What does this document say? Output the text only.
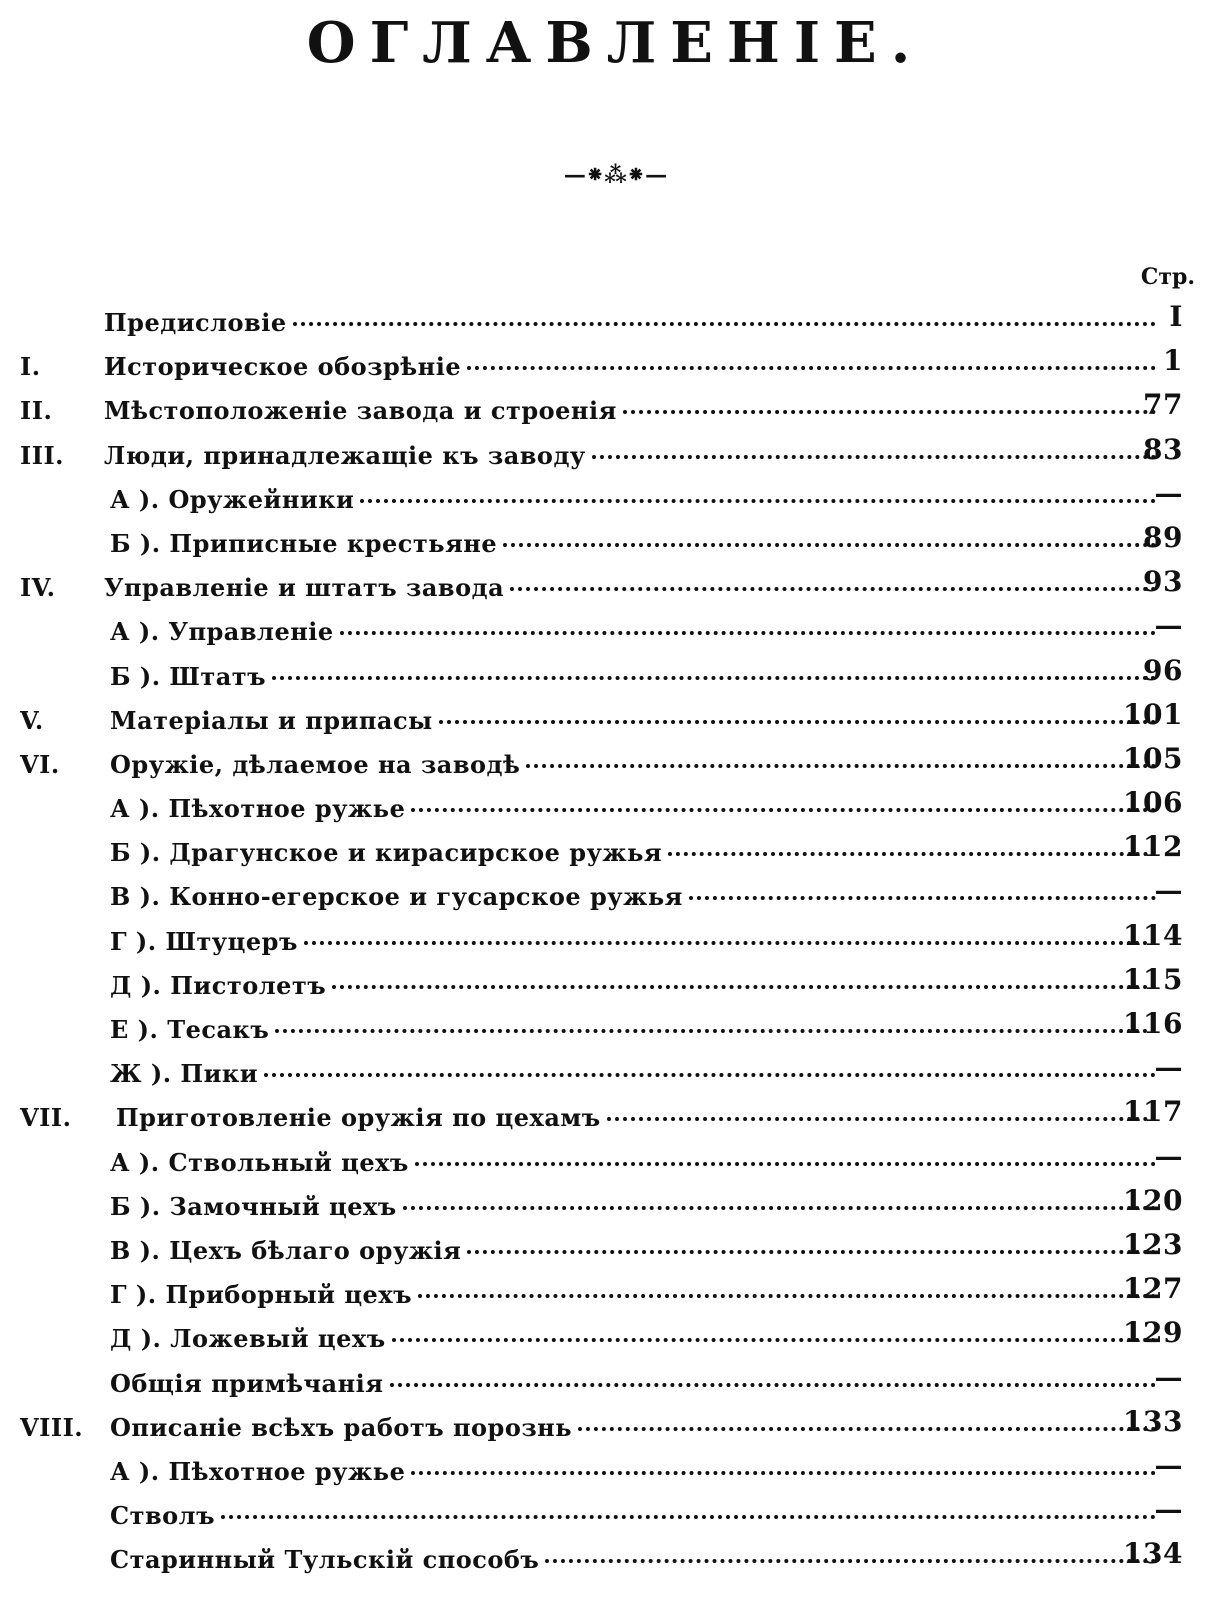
ОГЛАВЛЕНІЕ.
—⁕⁂⁕—
Стр.
Предисловіе	I
I.	Историческое обозрѣніе	1
II. Мѣстоположеніе завода и строенія	77
III. Люди, принадлежащіе къ заводу	83
А ). Оружейники	—
Б ). Приписные крестьяне	89
IV. Управленіе и штатъ завода	93
А ). Управленіе	—
Б ). Штатъ	96
V.	Матеріалы и припасы	101
VI. Оружіе, дѣлаемое на заводѣ	105
А ). Пѣхотное ружье	106
Б ). Драгунское и кирасирское ружья	112
В ). Конно-егерское и гусарское ружья	—
Г ). Штуцеръ	114
Д ). Пистолетъ	115
Е ). Тесакъ	116
Ж ). Пики	—
VII. Приготовленіе оружія по цехамъ	117
А ). Ствольный цехъ	—
Б ). Замочный цехъ	120
В ). Цехъ бѣлаго оружія	123
Г ). Приборный цехъ	127
Д ). Ложевый цехъ	129
Общія примѣчанія	—
VIII. Описаніе всѣхъ работъ порознь	133
А ). Пѣхотное ружье	—
Стволъ	—
Старинный Тульскій способъ	134
